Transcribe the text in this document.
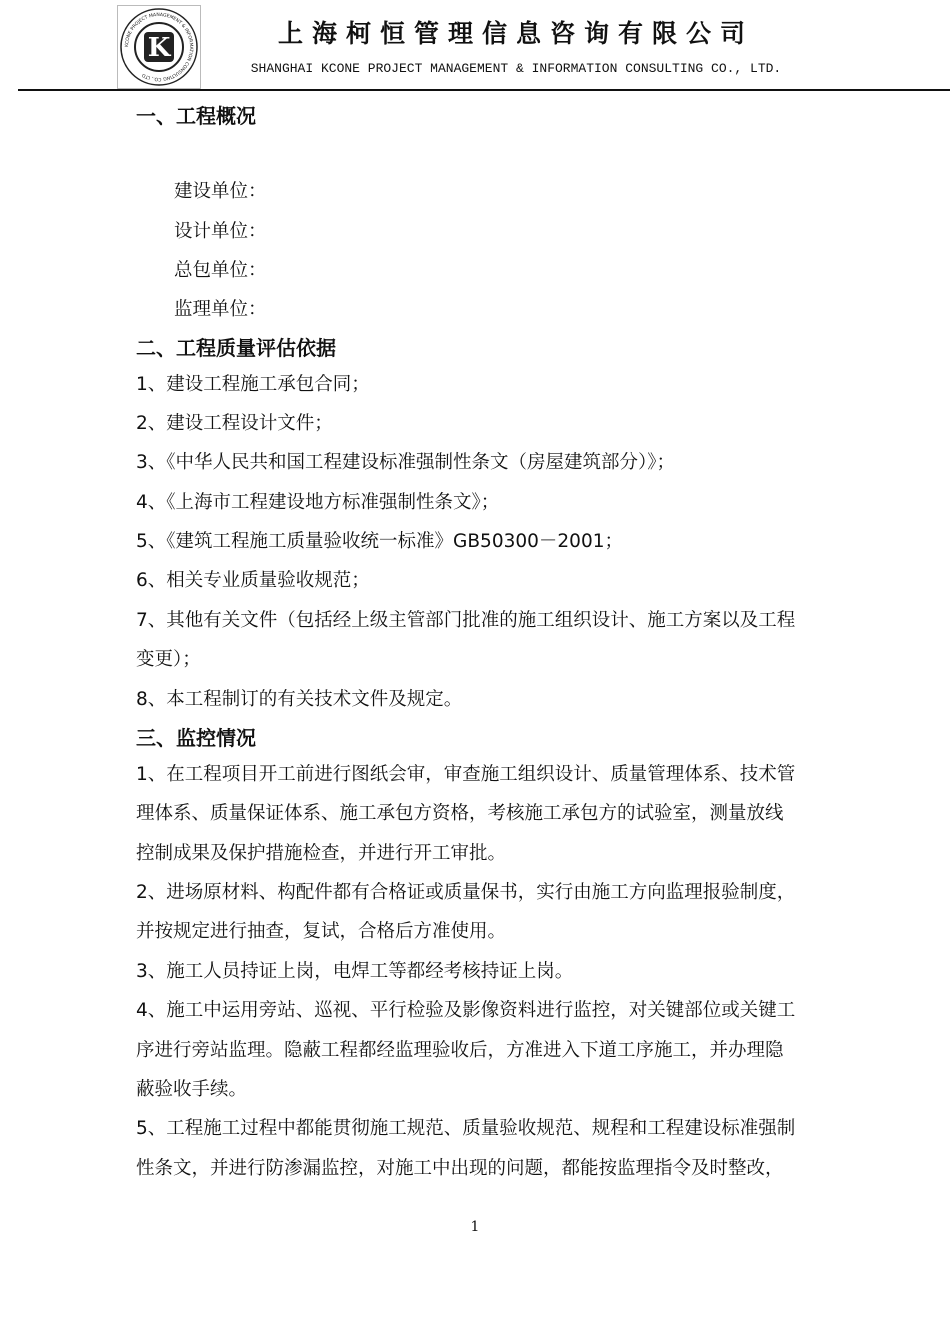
KCONE PROJECT MANAGEMENT & INFORMATION CONSULTING CO., LTD
K	上海柯恒管理信息咨询有限公司
SHANGHAI KCONE PROJECT MANAGEMENT & INFORMATION CONSULTING CO., LTD.
一、工程概况
建设单位：
设计单位：
总包单位：
监理单位：
二、工程质量评估依据
1、建设工程施工承包合同；
2、建设工程设计文件；
3、《中华人民共和国工程建设标准强制性条文（房屋建筑部分）》；
4、《上海市工程建设地方标准强制性条文》；
5、《建筑工程施工质量验收统一标准》GB50300－2001；
6、相关专业质量验收规范；
7、其他有关文件（包括经上级主管部门批准的施工组织设计、施工方案以及工程
变更）；
8、本工程制订的有关技术文件及规定。
三、监控情况
1、在工程项目开工前进行图纸会审，审查施工组织设计、质量管理体系、技术管
理体系、质量保证体系、施工承包方资格，考核施工承包方的试验室，测量放线
控制成果及保护措施检查，并进行开工审批。
2、进场原材料、构配件都有合格证或质量保书，实行由施工方向监理报验制度，
并按规定进行抽查，复试，合格后方准使用。
3、施工人员持证上岗，电焊工等都经考核持证上岗。
4、施工中运用旁站、巡视、平行检验及影像资料进行监控，对关键部位或关键工
序进行旁站监理。隐蔽工程都经监理验收后，方准进入下道工序施工，并办理隐
蔽验收手续。
5、工程施工过程中都能贯彻施工规范、质量验收规范、规程和工程建设标准强制
性条文，并进行防渗漏监控，对施工中出现的问题，都能按监理指令及时整改，
1
